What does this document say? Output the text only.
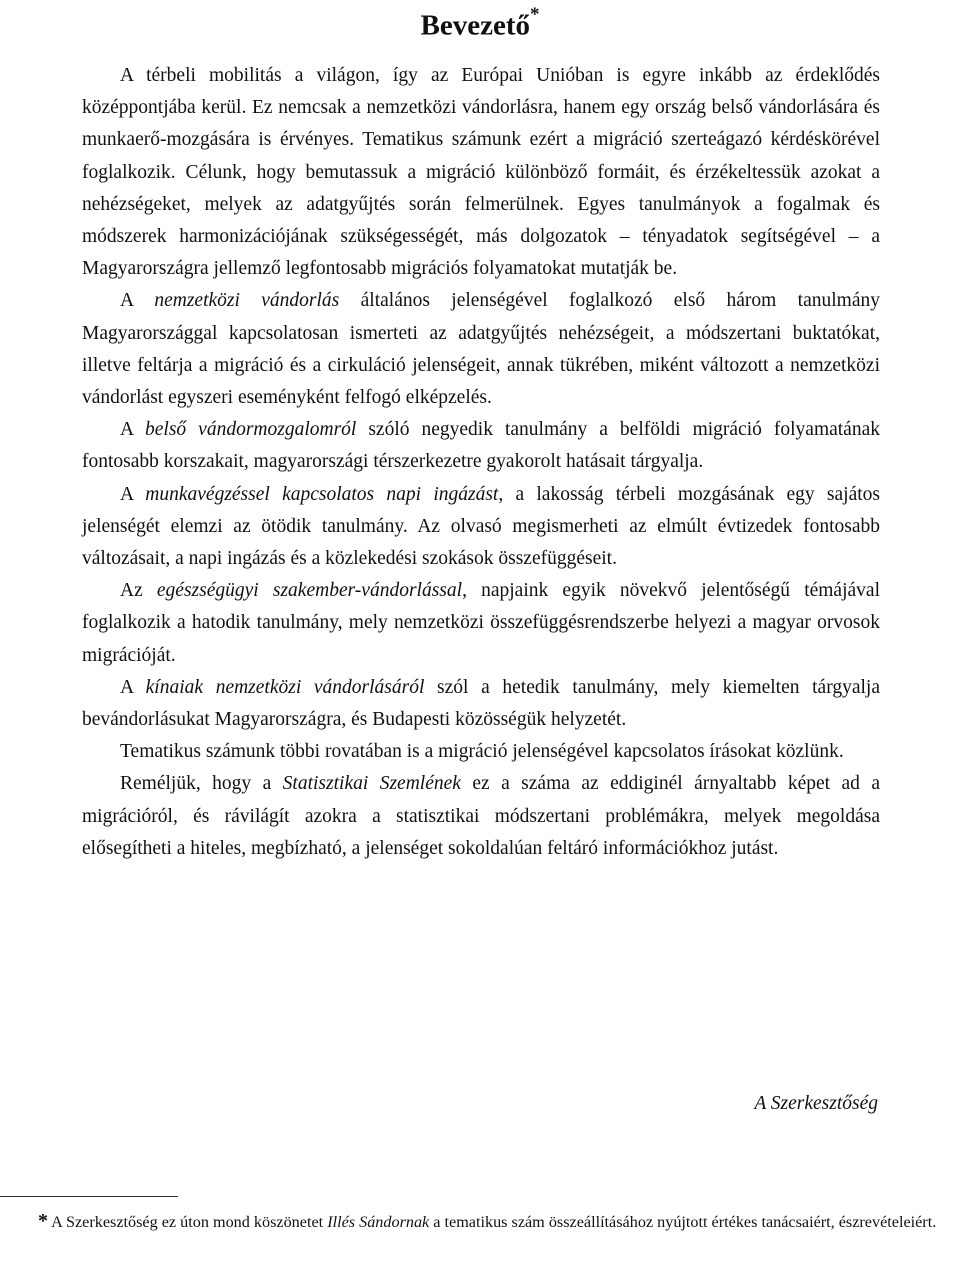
Bevezető*

A térbeli mobilitás a világon, így az Európai Unióban is egyre inkább az érdeklődés középpontjába kerül. Ez nemcsak a nemzetközi vándorlásra, hanem egy ország belső vándorlására és munkaerő-mozgására is érvényes. Tematikus számunk ezért a migráció szerteágazó kérdéskörével foglalkozik. Célunk, hogy bemutassuk a migráció különböző formáit, és érzékeltessük azokat a nehézségeket, melyek az adatgyűjtés során felmerülnek. Egyes tanulmányok a fogalmak és módszerek harmonizációjának szükségességét, más dolgozatok – tényadatok segítségével – a Magyarországra jellemző legfontosabb migrációs folyamatokat mutatják be.

A nemzetközi vándorlás általános jelenségével foglalkozó első három tanulmány Magyarországgal kapcsolatosan ismerteti az adatgyűjtés nehézségeit, a módszertani buktatókat, illetve feltárja a migráció és a cirkuláció jelenségeit, annak tükrében, miként változott a nemzetközi vándorlást egyszeri eseményként felfogó elképzelés.

A belső vándormozgalomról szóló negyedik tanulmány a belföldi migráció folyamatának fontosabb korszakait, magyarországi térszerkezetre gyakorolt hatásait tárgyalja.

A munkavégzéssel kapcsolatos napi ingázást, a lakosság térbeli mozgásának egy sajátos jelenségét elemzi az ötödik tanulmány. Az olvasó megismerheti az elmúlt évtizedek fontosabb változásait, a napi ingázás és a közlekedési szokások összefüggéseit.

Az egészségügyi szakember-vándorlással, napjaink egyik növekvő jelentőségű témájával foglalkozik a hatodik tanulmány, mely nemzetközi összefüggésrendszerbe helyezi a magyar orvosok migrációját.

A kínaiak nemzetközi vándorlásáról szól a hetedik tanulmány, mely kiemelten tárgyalja bevándorlásukat Magyarországra, és Budapesti közösségük helyzetét.

Tematikus számunk többi rovatában is a migráció jelenségével kapcsolatos írásokat közlünk.

Reméljük, hogy a Statisztikai Szemlének ez a száma az eddiginél árnyaltabb képet ad a migrációról, és rávilágít azokra a statisztikai módszertani problémákra, melyek megoldása elősegítheti a hiteles, megbízható, a jelenséget sokoldalúan feltáró információkhoz jutást.

A Szerkesztőség
* A Szerkesztőség ez úton mond köszönetet Illés Sándornak a tematikus szám összeállításához nyújtott értékes tanácsaiért, észrevételeiért.
